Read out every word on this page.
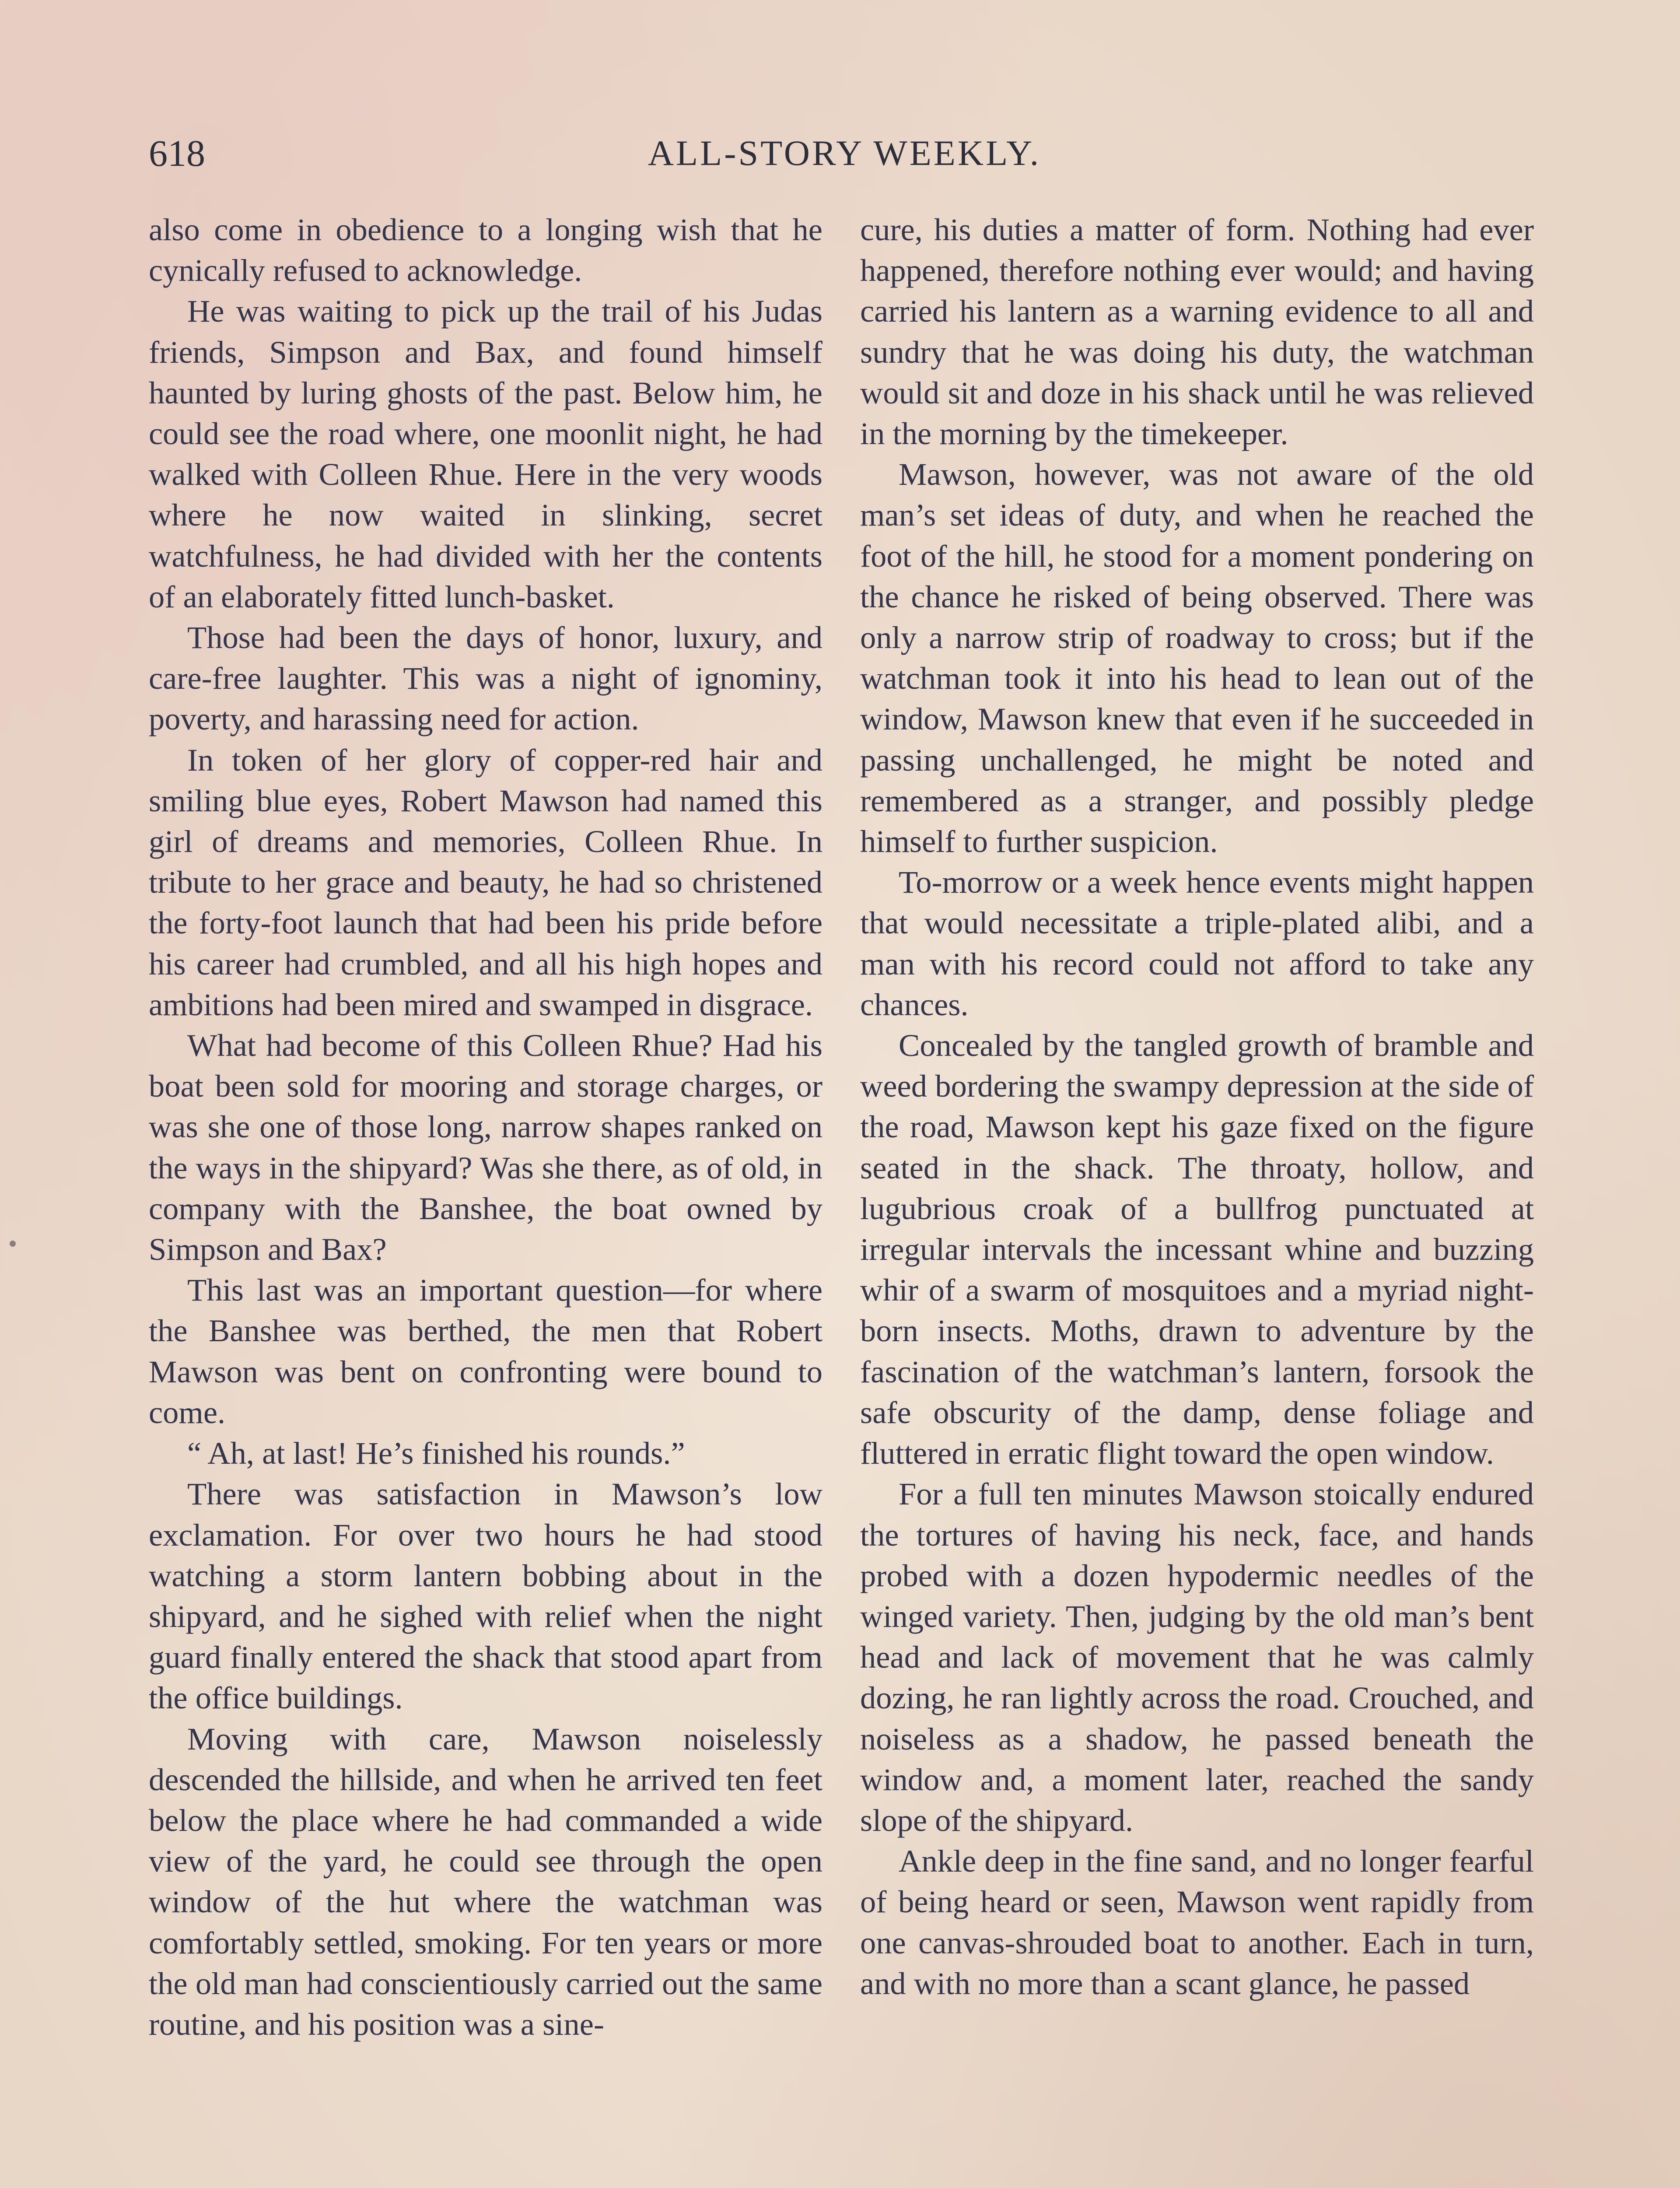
618	ALL-STORY WEEKLY.

also come in obedience to a longing wish that he cynically refused to acknowledge.

He was waiting to pick up the trail of his Judas friends, Simpson and Bax, and found himself haunted by luring ghosts of the past. Below him, he could see the road where, one moonlit night, he had walked with Colleen Rhue. Here in the very woods where he now waited in slinking, secret watchfulness, he had divided with her the contents of an elaborately fitted lunch-basket.

Those had been the days of honor, luxury, and care-free laughter. This was a night of ignominy, poverty, and harassing need for action.

In token of her glory of copper-red hair and smiling blue eyes, Robert Mawson had named this girl of dreams and memories, Colleen Rhue. In tribute to her grace and beauty, he had so christened the forty-foot launch that had been his pride before his career had crumbled, and all his high hopes and ambitions had been mired and swamped in disgrace.

What had become of this Colleen Rhue? Had his boat been sold for mooring and storage charges, or was she one of those long, narrow shapes ranked on the ways in the shipyard? Was she there, as of old, in company with the Banshee, the boat owned by Simpson and Bax?

This last was an important question—for where the Banshee was berthed, the men that Robert Mawson was bent on confronting were bound to come.

“ Ah, at last! He’s finished his rounds.”

There was satisfaction in Mawson’s low exclamation. For over two hours he had stood watching a storm lantern bobbing about in the shipyard, and he sighed with relief when the night guard finally entered the shack that stood apart from the office buildings.

Moving with care, Mawson noiselessly descended the hillside, and when he arrived ten feet below the place where he had commanded a wide view of the yard, he could see through the open window of the hut where the watchman was comfortably settled, smoking. For ten years or more the old man had conscientiously carried out the same routine, and his position was a sine-

cure, his duties a matter of form. Nothing had ever happened, therefore nothing ever would; and having carried his lantern as a warning evidence to all and sundry that he was doing his duty, the watchman would sit and doze in his shack until he was relieved in the morning by the timekeeper.

Mawson, however, was not aware of the old man’s set ideas of duty, and when he reached the foot of the hill, he stood for a moment pondering on the chance he risked of being observed. There was only a narrow strip of roadway to cross; but if the watchman took it into his head to lean out of the window, Mawson knew that even if he succeeded in passing unchallenged, he might be noted and remembered as a stranger, and possibly pledge himself to further suspicion.

To-morrow or a week hence events might happen that would necessitate a triple-plated alibi, and a man with his record could not afford to take any chances.

Concealed by the tangled growth of bramble and weed bordering the swampy depression at the side of the road, Mawson kept his gaze fixed on the figure seated in the shack. The throaty, hollow, and lugubrious croak of a bullfrog punctuated at irregular intervals the incessant whine and buzzing whir of a swarm of mosquitoes and a myriad night-born insects. Moths, drawn to adventure by the fascination of the watchman’s lantern, forsook the safe obscurity of the damp, dense foliage and fluttered in erratic flight toward the open window.

For a full ten minutes Mawson stoically endured the tortures of having his neck, face, and hands probed with a dozen hypodermic needles of the winged variety. Then, judging by the old man’s bent head and lack of movement that he was calmly dozing, he ran lightly across the road. Crouched, and noiseless as a shadow, he passed beneath the window and, a moment later, reached the sandy slope of the shipyard.

Ankle deep in the fine sand, and no longer fearful of being heard or seen, Mawson went rapidly from one canvas-shrouded boat to another. Each in turn, and with no more than a scant glance, he passed
